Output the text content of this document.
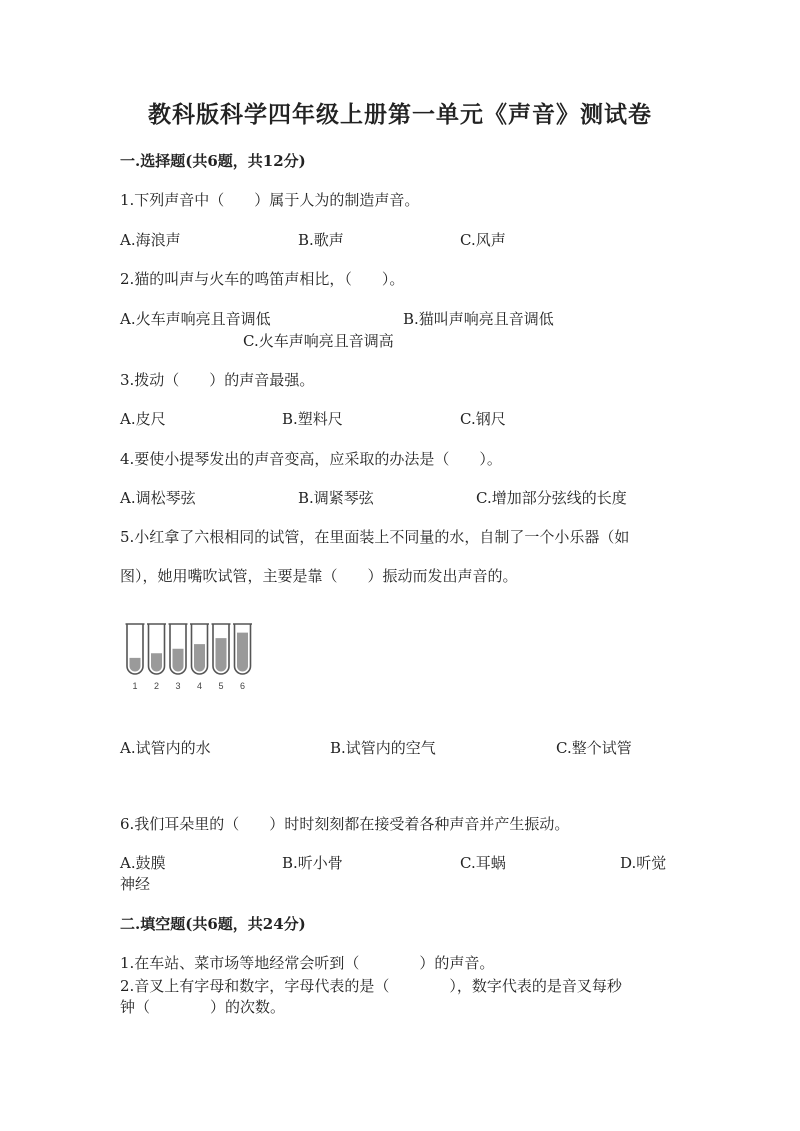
教科版科学四年级上册第一单元《声音》测试卷
一.选择题(共6题，共12分)
1.下列声音中（　　）属于人为的制造声音。
A.海浪声	B.歌声	C.风声
2.猫的叫声与火车的鸣笛声相比，（　　）。
A.火车声响亮且音调低	B.猫叫声响亮且音调低
C.火车声响亮且音调高
3.拨动（　　）的声音最强。
A.皮尺	B.塑料尺	C.钢尺
4.要使小提琴发出的声音变高，应采取的办法是（　　）。
A.调松琴弦	B.调紧琴弦	C.增加部分弦线的长度
5.小红拿了六根相同的试管，在里面装上不同量的水，自制了一个小乐器（如
图），她用嘴吹试管，主要是靠（　　）振动而发出声音的。
1 2 3 4 5 6
A.试管内的水	B.试管内的空气	C.整个试管
6.我们耳朵里的（　　）时时刻刻都在接受着各种声音并产生振动。
A.鼓膜	B.听小骨	C.耳蜗	D.听觉
神经
二.填空题(共6题，共24分)
1.在车站、菜市场等地经常会听到（　　　　）的声音。
2.音叉上有字母和数字，字母代表的是（　　　　），数字代表的是音叉每秒
钟（　　　　）的次数。
